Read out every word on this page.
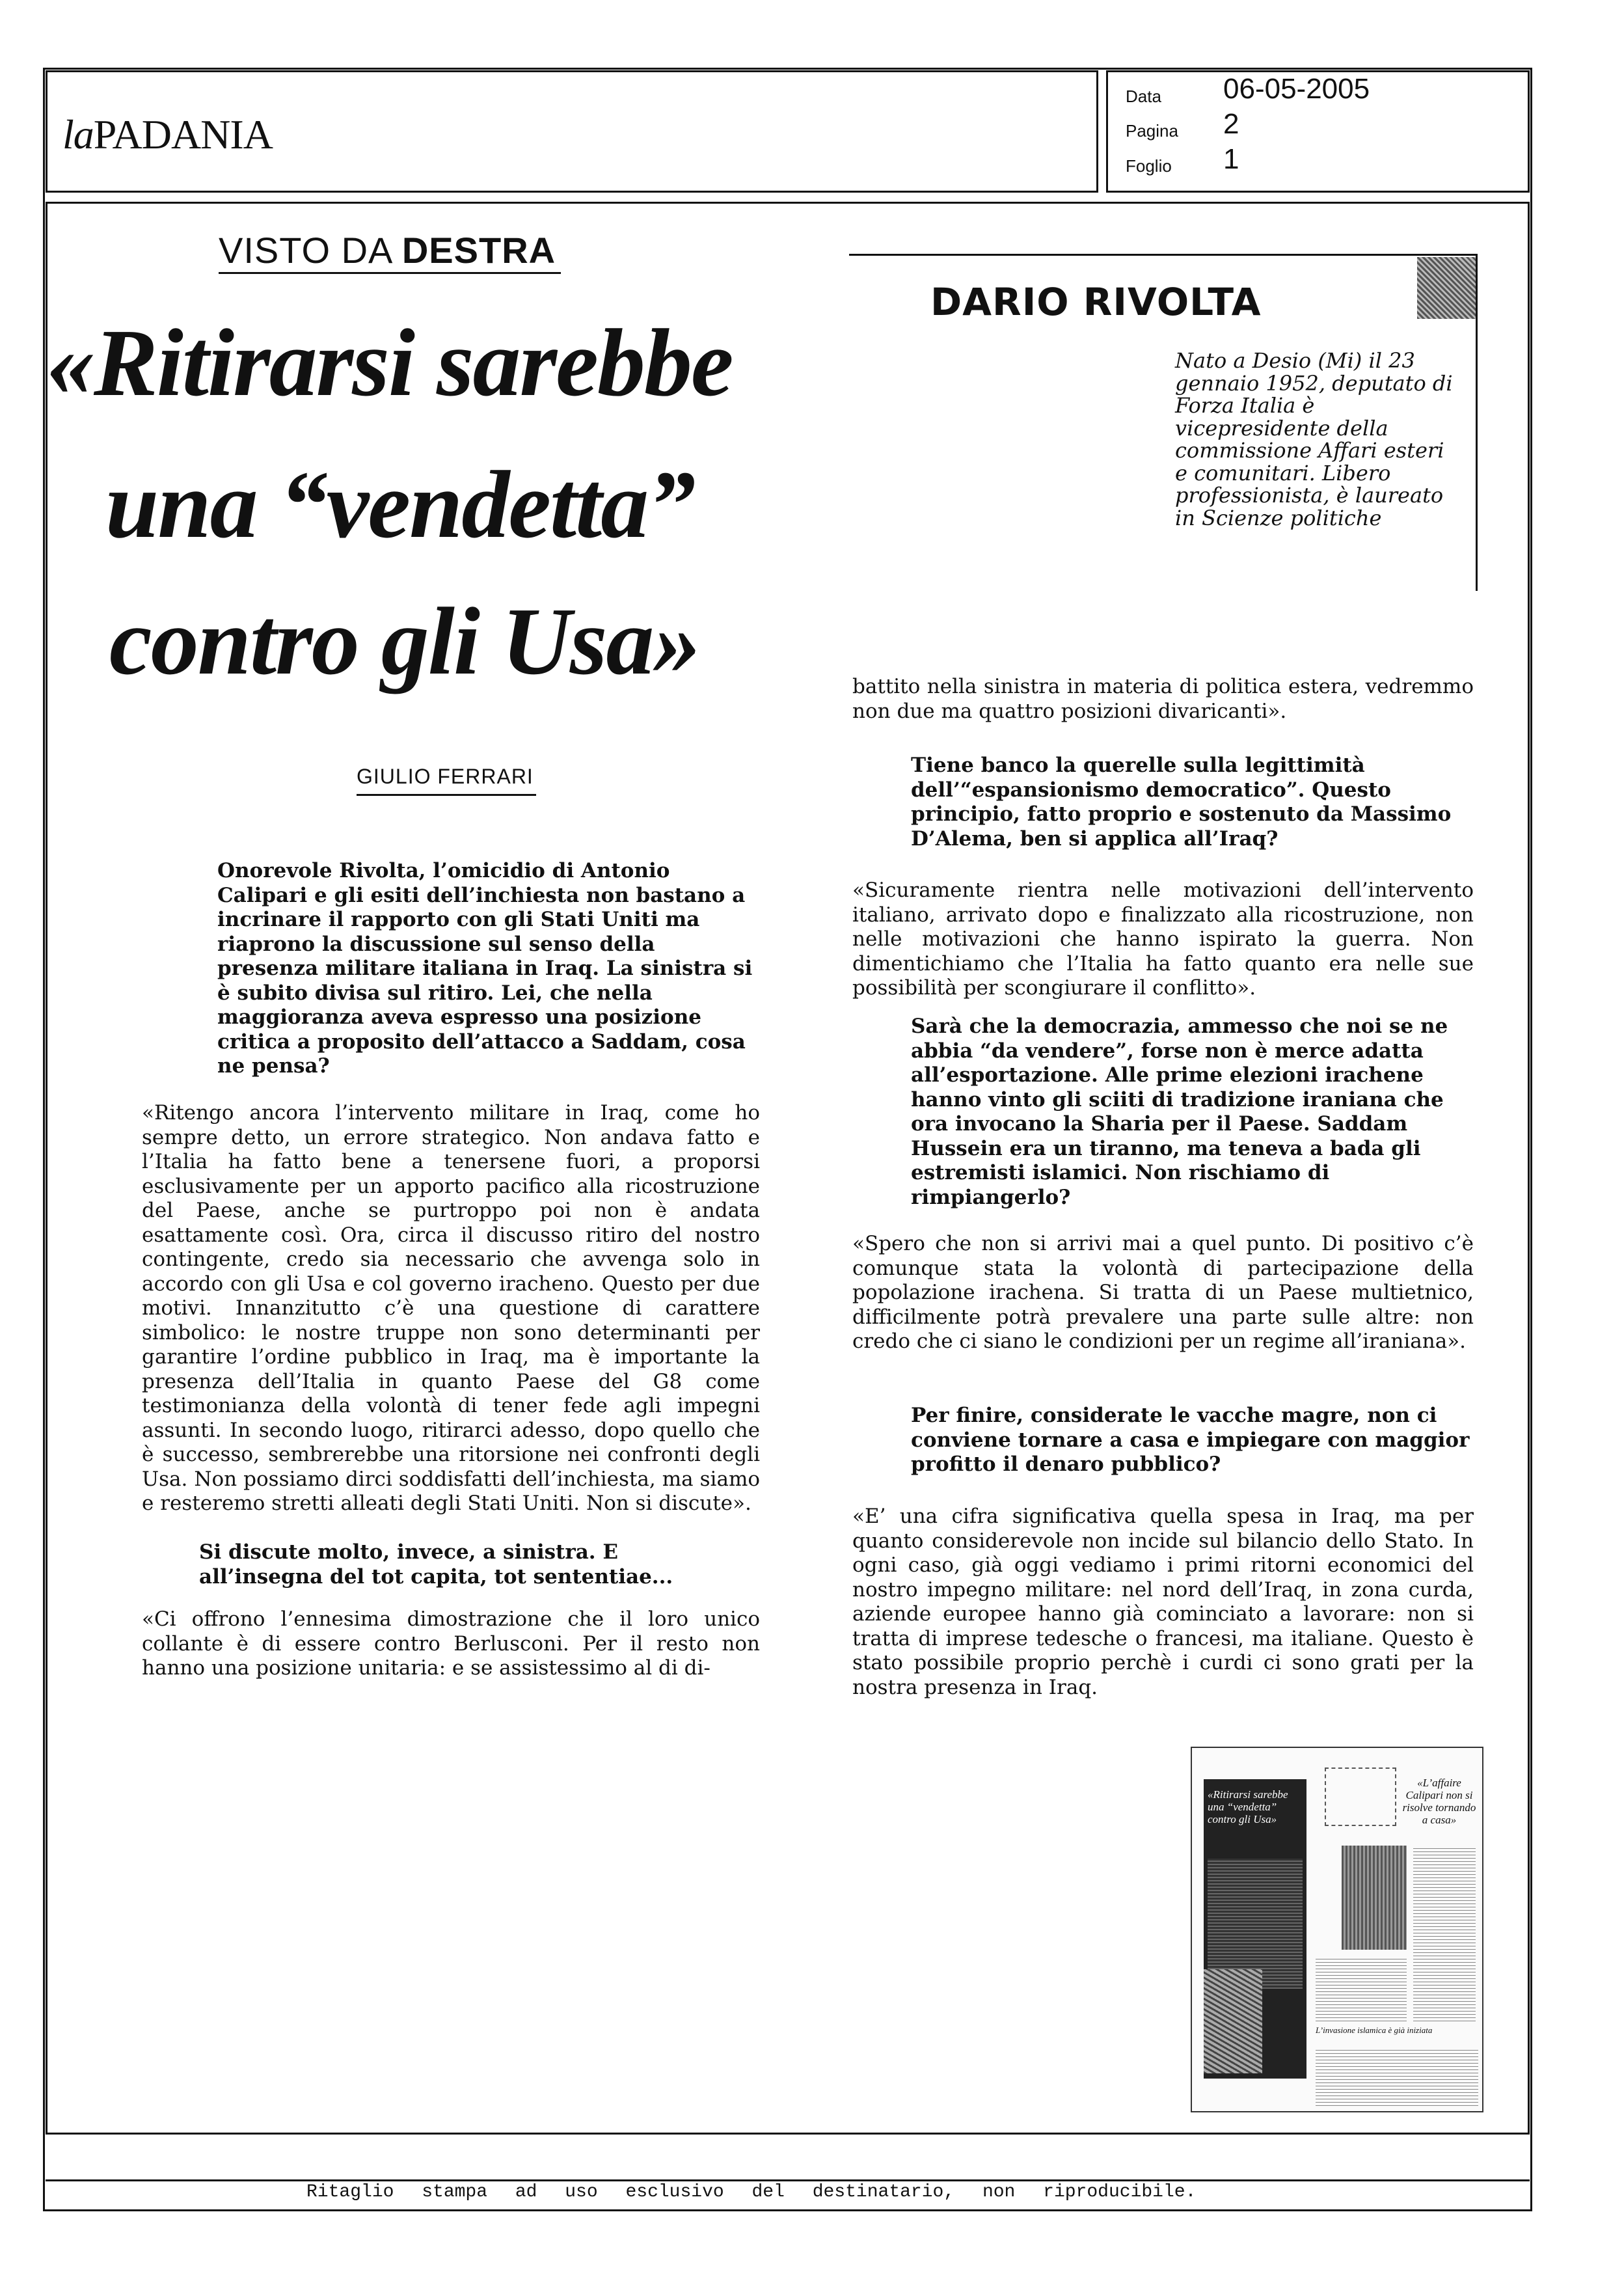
laPADANIA
Data 06-05-2005
Pagina 2
Foglio 1
VISTO DA DESTRA
«Ritirarsi sarebbe
una “vendetta”
contro gli Usa»
GIULIO FERRARI

Onorevole Rivolta, l’omicidio di Antonio Calipari e gli esiti dell’inchiesta non bastano a incrinare il rapporto con gli Stati Uniti ma riaprono la discussione sul senso della presenza militare italiana in Iraq. La sinistra si è subito divisa sul ritiro. Lei, che nella maggioranza aveva espresso una posizione critica a proposito dell’attacco a Saddam, cosa ne pensa?

«Ritengo ancora l’intervento militare in Iraq, come ho sempre detto, un errore strategico. Non andava fatto e l’Italia ha fatto bene a tenersene fuori, a proporsi esclusivamente per un apporto pacifico alla ricostruzione del Paese, anche se purtroppo poi non è andata esattamente così. Ora, circa il discusso ritiro del nostro contingente, credo sia necessario che avvenga solo in accordo con gli Usa e col governo iracheno. Questo per due motivi. Innanzitutto c’è una questione di carattere simbolico: le nostre truppe non sono determinanti per garantire l’ordine pubblico in Iraq, ma è importante la presenza dell’Italia in quanto Paese del G8 come testimonianza della volontà di tener fede agli impegni assunti. In secondo luogo, ritirarci adesso, dopo quello che è successo, sembrerebbe una ritorsione nei confronti degli Usa. Non possiamo dirci soddisfatti dell’inchiesta, ma siamo e resteremo stretti alleati degli Stati Uniti. Non si discute».

Si discute molto, invece, a sinistra. E all’insegna del tot capita, tot sententiae...

«Ci offrono l’ennesima dimostrazione che il loro unico collante è di essere contro Berlusconi. Per il resto non hanno una posizione unitaria: e se assistessimo al di di-

DARIO RIVOLTA

Nato a Desio (Mi) il 23 gennaio 1952, deputato di Forza Italia è vicepresidente della commissione Affari esteri e comunitari. Libero professionista, è laureato in Scienze politiche

battito nella sinistra in materia di politica estera, vedremmo non due ma quattro posizioni divaricanti».

Tiene banco la querelle sulla legittimità dell’“espansionismo democratico”. Questo principio, fatto proprio e sostenuto da Massimo D’Alema, ben si applica all’Iraq?

«Sicuramente rientra nelle motivazioni dell’intervento italiano, arrivato dopo e finalizzato alla ricostruzione, non nelle motivazioni che hanno ispirato la guerra. Non dimentichiamo che l’Italia ha fatto quanto era nelle sue possibilità per scongiurare il conflitto».

Sarà che la democrazia, ammesso che noi se ne abbia “da vendere”, forse non è merce adatta all’esportazione. Alle prime elezioni irachene hanno vinto gli sciiti di tradizione iraniana che ora invocano la Sharia per il Paese. Saddam Hussein era un tiranno, ma teneva a bada gli estremisti islamici. Non rischiamo di rimpiangerlo?

«Spero che non si arrivi mai a quel punto. Di positivo c’è comunque stata la volontà di partecipazione della popolazione irachena. Si tratta di un Paese multietnico, difficilmente potrà prevalere una parte sulle altre: non credo che ci siano le condizioni per un regime all’iraniana».

Per finire, considerate le vacche magre, non ci conviene tornare a casa e impiegare con maggior profitto il denaro pubblico?

«E’ una cifra significativa quella spesa in Iraq, ma per quanto considerevole non incide sul bilancio dello Stato. In ogni caso, già oggi vediamo i primi ritorni economici del nostro impegno militare: nel nord dell’Iraq, in zona curda, aziende europee hanno già cominciato a lavorare: non si tratta di imprese tedesche o francesi, ma italiane. Questo è stato possibile proprio perchè i curdi ci sono grati per la nostra presenza in Iraq.

«Ritirarsi sarebbe una “vendetta” contro gli Usa»
«L’affaire Calipari non si risolve tornando a casa»
L’invasione islamica è già iniziata
Ritaglio stampa ad uso esclusivo del destinatario, non riproducibile.
